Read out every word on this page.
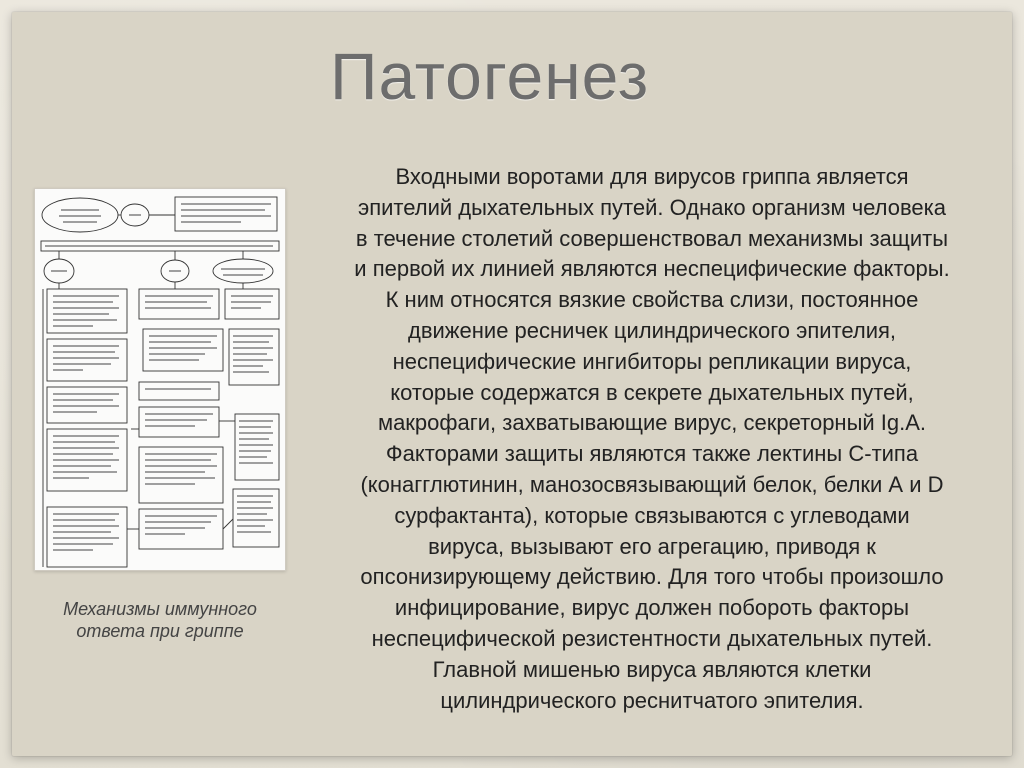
Патогенез
Механизмы иммунного
ответа при гриппе
Входными воротами для вирусов гриппа является
эпителий дыхательных путей. Однако организм человека
в течение столетий совершенствовал механизмы защиты
и первой их линией являются неспецифические факторы.
К ним относятся вязкие свойства слизи, постоянное
движение ресничек цилиндрического эпителия,
неспецифические ингибиторы репликации вируса,
которые содержатся в секрете дыхательных путей,
макрофаги, захватывающие вирус, секреторный Ig.A.
Факторами защиты являются также лектины С-типа
(конагглютинин, манозосвязывающий белок, белки А и D
сурфактанта), которые связываются с углеводами
вируса, вызывают его агрегацию, приводя к
опсонизирующему действию. Для того чтобы произошло
инфицирование, вирус должен побороть факторы
неспецифической резистентности дыхательных путей.
Главной мишенью вируса являются клетки
цилиндрического реснитчатого эпителия.
